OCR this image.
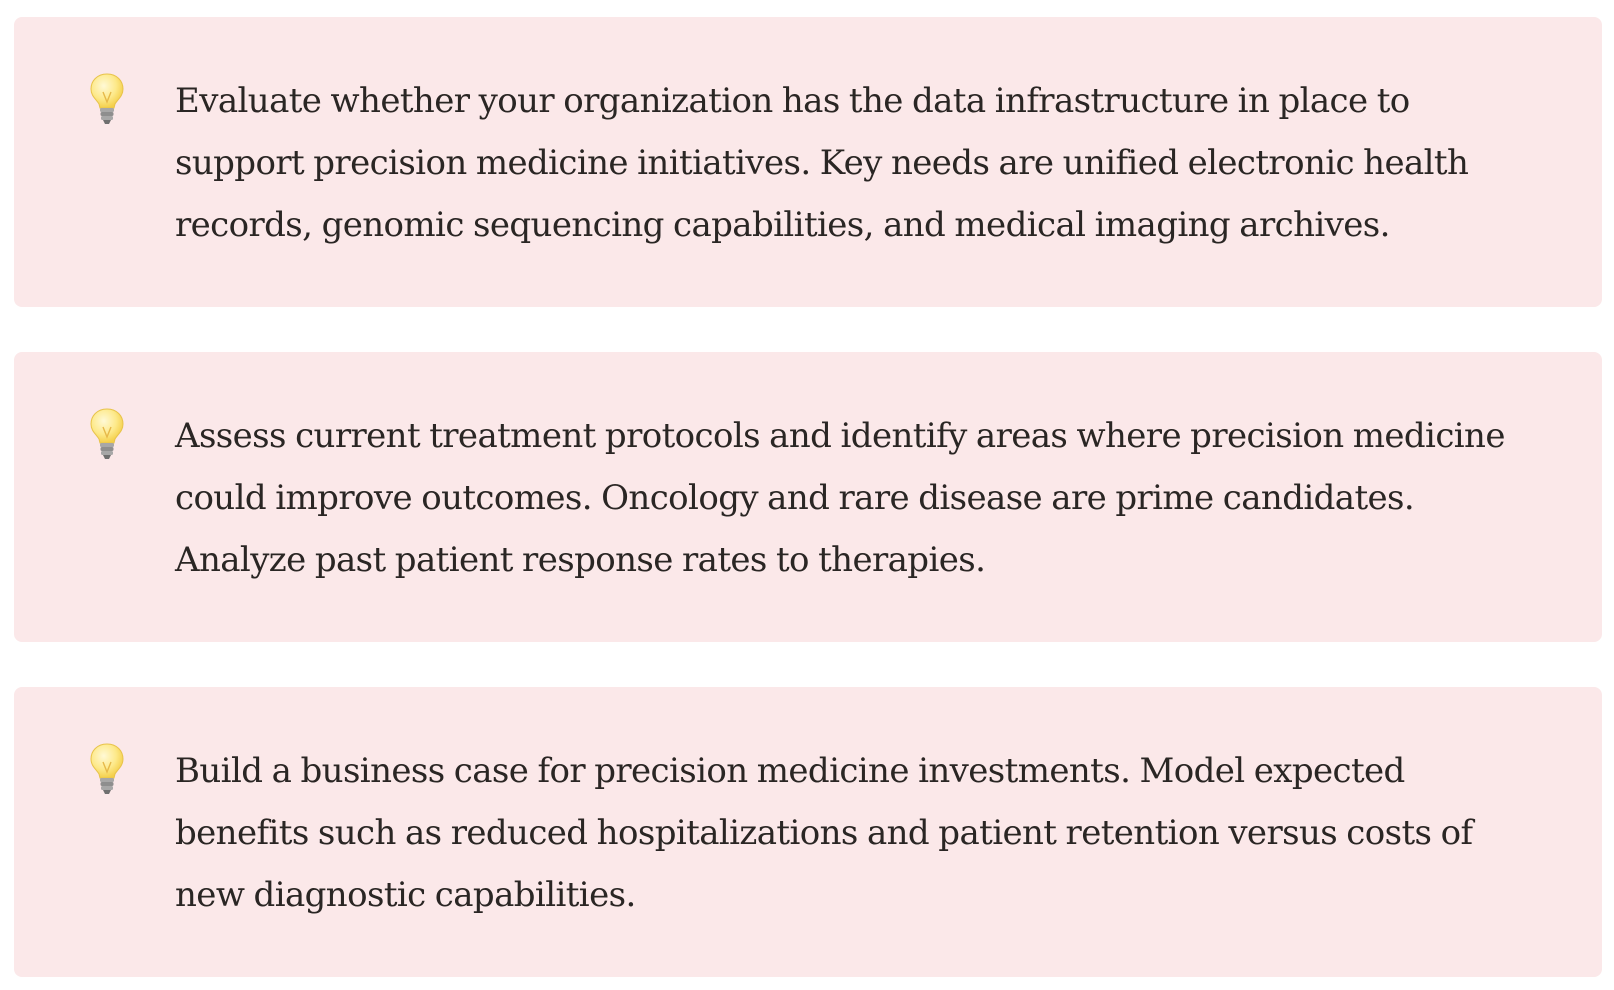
Evaluate whether your organization has the data infrastructure in place to support precision medicine initiatives. Key needs are unified electronic health records, genomic sequencing capabilities, and medical imaging archives.

Assess current treatment protocols and identify areas where precision medicine could improve outcomes. Oncology and rare disease are prime candidates. Analyze past patient response rates to therapies.

Build a business case for precision medicine investments. Model expected benefits such as reduced hospitalizations and patient retention versus costs of new diagnostic capabilities.
